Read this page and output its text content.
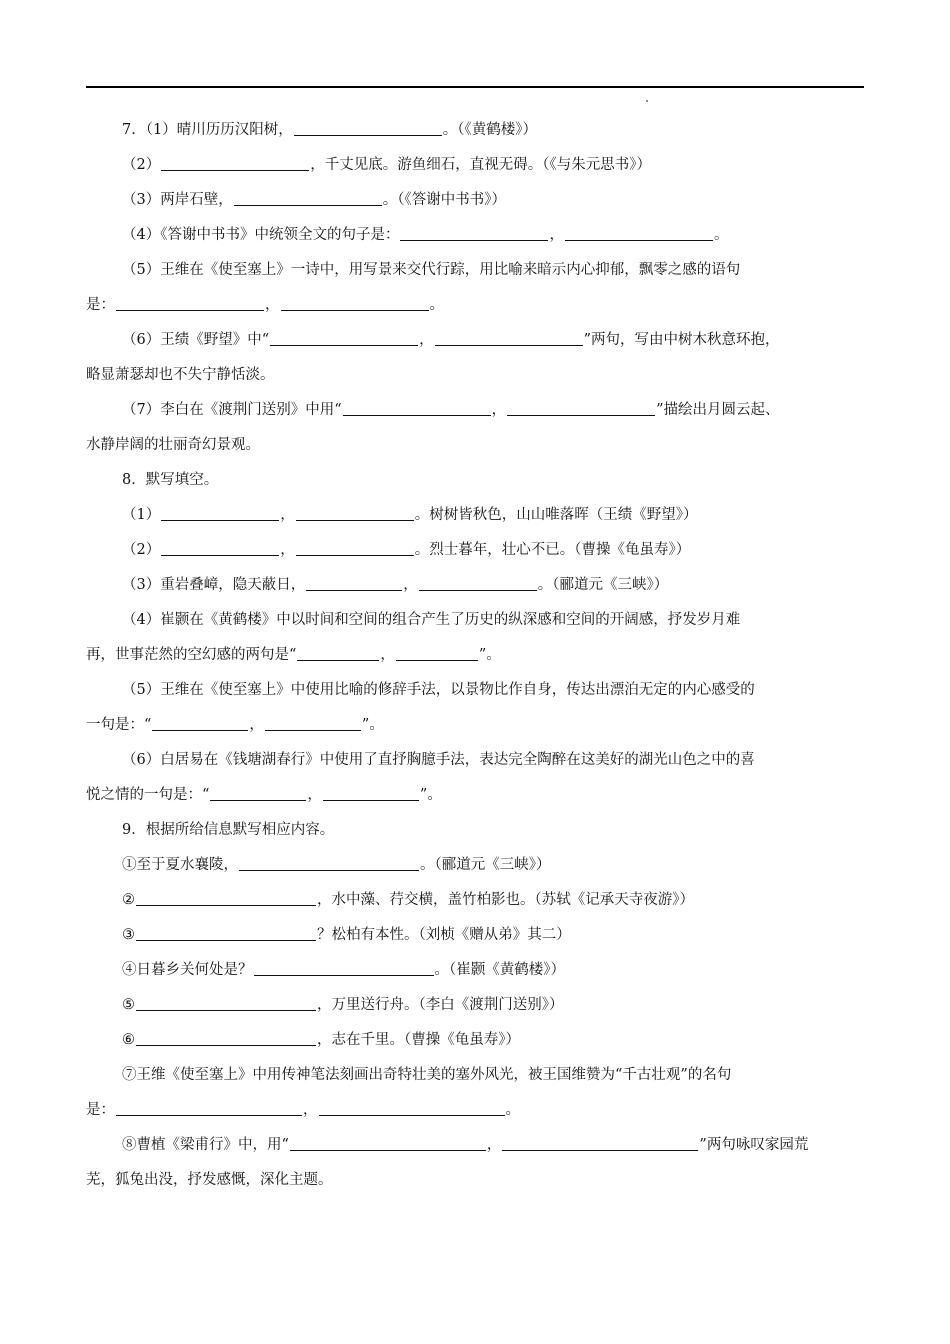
7．（1）晴川历历汉阳树，	。（《黄鹤楼》）
（2）	，千丈见底。游鱼细石，直视无碍。（《与朱元思书》）
（3）两岸石壁，	。（《答谢中书书》）
（4）《答谢中书书》中统领全文的句子是：	，	。
（5）王维在《使至塞上》一诗中，用写景来交代行踪，用比喻来暗示内心抑郁，飘零之感的语句
是：	，	。
（6）王绩《野望》中“	，	”两句，写由中树木秋意环抱，
略显萧瑟却也不失宁静恬淡。
（7）李白在《渡荆门送别》中用“	，	”描绘出月圆云起、
水静岸阔的壮丽奇幻景观。
8．默写填空。
（1）	，	。树树皆秋色，山山唯落晖（王绩《野望》）
（2）	，	。烈士暮年，壮心不已。（曹操《龟虽寿》）
（3）重岩叠嶂，隐天蔽日，	，	。（郦道元《三峡》）
（4）崔颢在《黄鹤楼》中以时间和空间的组合产生了历史的纵深感和空间的开阔感，抒发岁月难
再，世事茫然的空幻感的两句是“	，	”。
（5）王维在《使至塞上》中使用比喻的修辞手法，以景物比作自身，传达出漂泊无定的内心感受的
一句是：“	，	”。
（6）白居易在《钱塘湖春行》中使用了直抒胸臆手法，表达完全陶醉在这美好的湖光山色之中的喜
悦之情的一句是：“	，	”。
9．根据所给信息默写相应内容。
①至于夏水襄陵，	。（郦道元《三峡》）
②	，水中藻、荇交横，盖竹柏影也。（苏轼《记承天寺夜游》）
③	？松柏有本性。（刘桢《赠从弟》其二）
④日暮乡关何处是？	。（崔颢《黄鹤楼》）
⑤	，万里送行舟。（李白《渡荆门送别》）
⑥	，志在千里。（曹操《龟虽寿》）
⑦王维《使至塞上》中用传神笔法刻画出奇特壮美的塞外风光，被王国维赞为“千古壮观”的名句
是：	，	。
⑧曹植《梁甫行》中，用“	，	”两句咏叹家园荒
芜，狐兔出没，抒发感慨，深化主题。
